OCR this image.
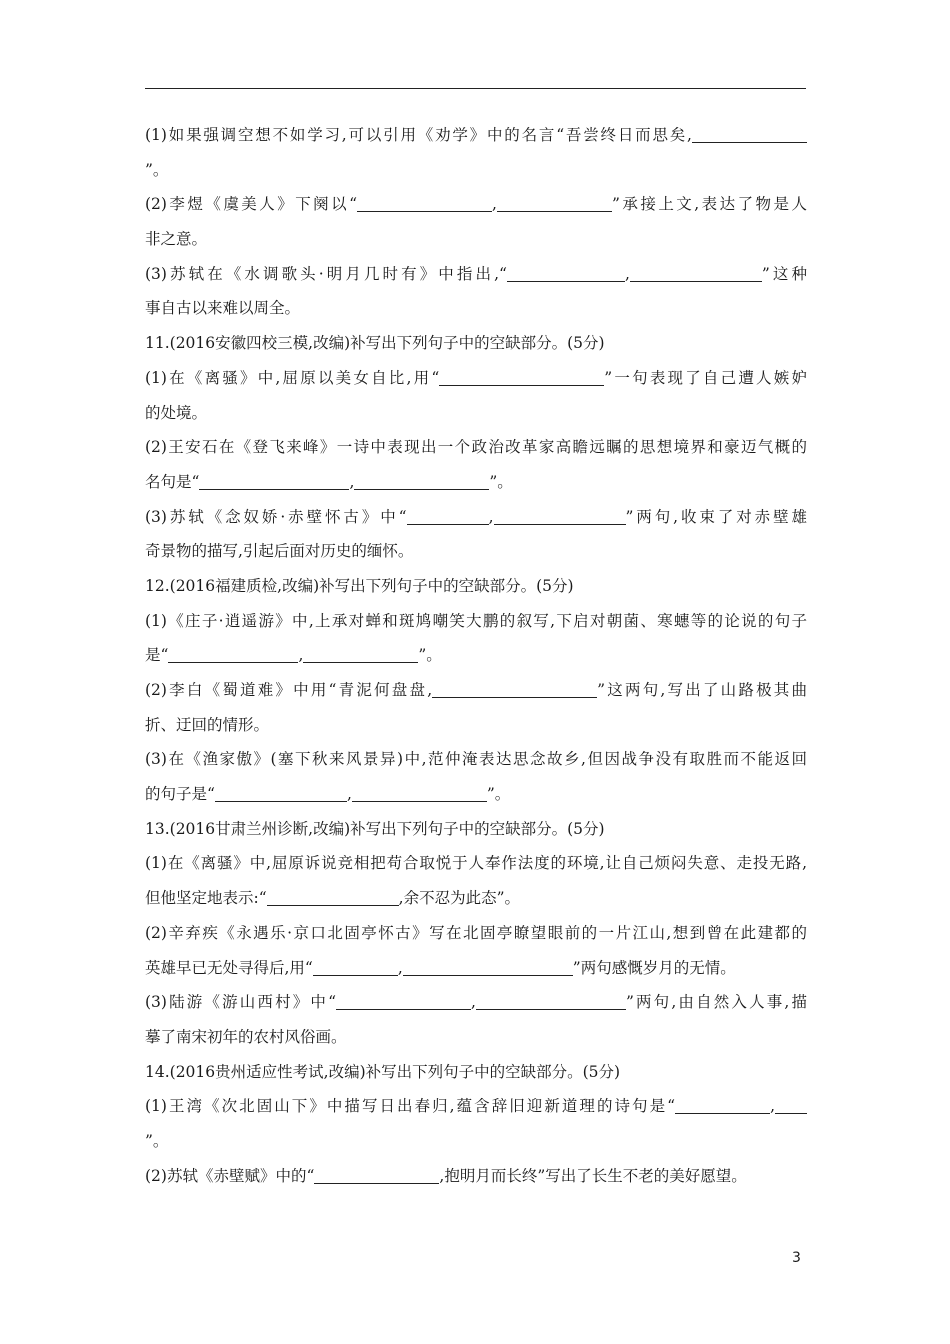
(1)如果强调空想不如学习,可以引用《劝学》中的名言“吾尝终日而思矣,
”。
(2)李煜《虞美人》下阕以“	,	”承接上文,表达了物是人
非之意。
(3)苏轼在《水调歌头·明月几时有》中指出,“	,	”这种
事自古以来难以周全。
11.(2016安徽四校三模,改编)补写出下列句子中的空缺部分。(5分)
(1)在《离骚》中,屈原以美女自比,用“	”一句表现了自己遭人嫉妒
的处境。
(2)王安石在《登飞来峰》一诗中表现出一个政治改革家高瞻远瞩的思想境界和豪迈气概的
名句是“	,	”。
(3)苏轼《念奴娇·赤壁怀古》中“	,	”两句,收束了对赤壁雄
奇景物的描写,引起后面对历史的缅怀。
12.(2016福建质检,改编)补写出下列句子中的空缺部分。(5分)
(1)《庄子·逍遥游》中,上承对蝉和斑鸠嘲笑大鹏的叙写,下启对朝菌、寒蟪等的论说的句子
是“	,	”。
(2)李白《蜀道难》中用“青泥何盘盘,	”这两句,写出了山路极其曲
折、迂回的情形。
(3)在《渔家傲》(塞下秋来风景异)中,范仲淹表达思念故乡,但因战争没有取胜而不能返回
的句子是“	,	”。
13.(2016甘肃兰州诊断,改编)补写出下列句子中的空缺部分。(5分)
(1)在《离骚》中,屈原诉说竞相把苟合取悦于人奉作法度的环境,让自己烦闷失意、走投无路,
但他坚定地表示:“	,余不忍为此态”。
(2)辛弃疾《永遇乐·京口北固亭怀古》写在北固亭瞭望眼前的一片江山,想到曾在此建都的
英雄早已无处寻得后,用“	,	”两句感慨岁月的无情。
(3)陆游《游山西村》中“	,	”两句,由自然入人事,描
摹了南宋初年的农村风俗画。
14.(2016贵州适应性考试,改编)补写出下列句子中的空缺部分。(5分)
(1)王湾《次北固山下》中描写日出春归,蕴含辞旧迎新道理的诗句是“	,
”。
(2)苏轼《赤壁赋》中的“	,抱明月而长终”写出了长生不老的美好愿望。
3
